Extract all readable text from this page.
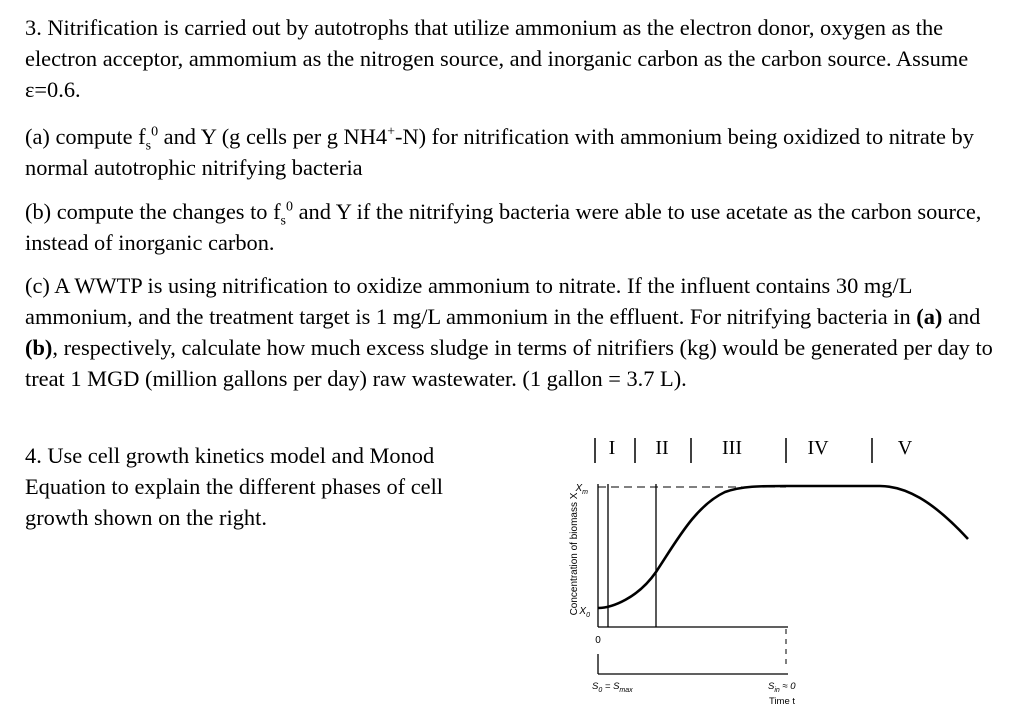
3. Nitrification is carried out by autotrophs that utilize ammonium as the electron donor, oxygen as the electron acceptor, ammomium as the nitrogen source, and inorganic carbon as the carbon source. Assume ε=0.6.

(a) compute $f_s^0$ and Y (g cells per g NH4+-N) for nitrification with ammonium being oxidized to nitrate by normal autotrophic nitrifying bacteria

(b) compute the changes to $f_s^0$ and Y if the nitrifying bacteria were able to use acetate as the carbon source, instead of inorganic carbon.

(c) A WWTP is using nitrification to oxidize ammonium to nitrate. If the influent contains 30 mg/L ammonium, and the treatment target is 1 mg/L ammonium in the effluent. For nitrifying bacteria in (a) and (b), respectively, calculate how much excess sludge in terms of nitrifiers (kg) would be generated per day to treat 1 MGD (million gallons per day) raw wastewater. (1 gallon = 3.7 L).

4. Use cell growth kinetics model and Monod Equation to explain the different phases of cell growth shown on the right.

I II	III	IV	V
Concentration of biomass X
$X_m$
$X_0$
0
$S_0 = S_{max}$	$S_{in} \approx 0$
Time t
